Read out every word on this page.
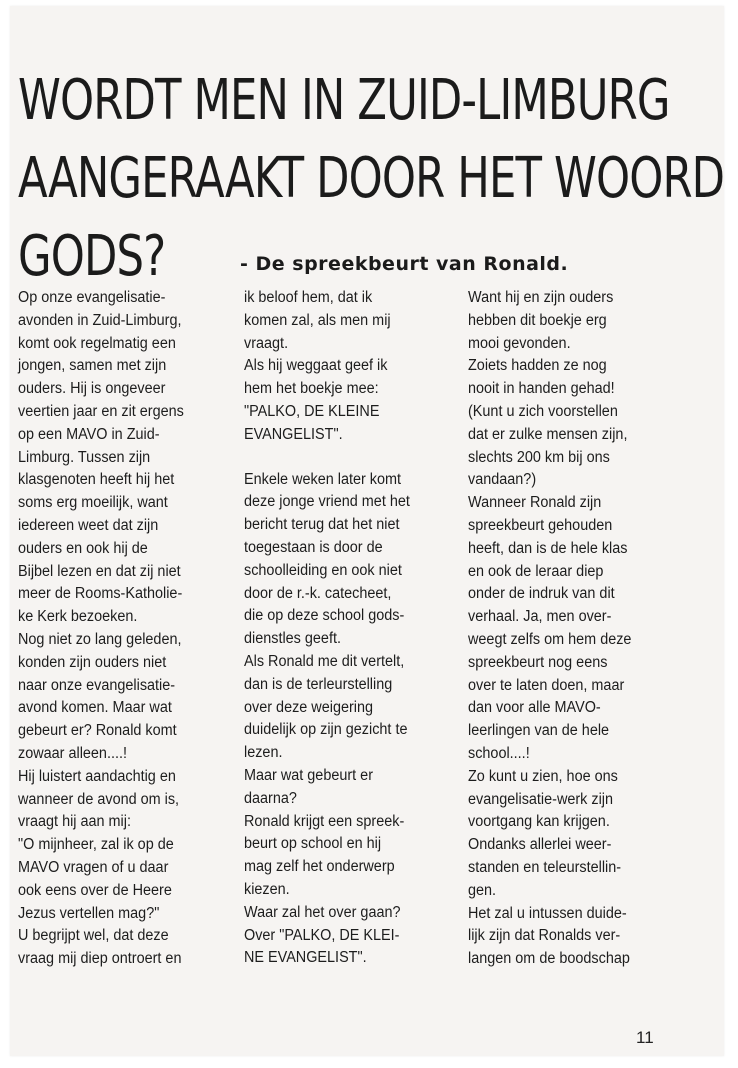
WORDT MEN IN ZUID-LIMBURG
AANGERAAKT DOOR HET WOORD
GODS?	- De spreekbeurt van Ronald.
Op onze evangelisatie-
avonden in Zuid-Limburg,
komt ook regelmatig een
jongen, samen met zijn
ouders. Hij is ongeveer
veertien jaar en zit ergens
op een MAVO in Zuid-
Limburg. Tussen zijn
klasgenoten heeft hij het
soms erg moeilijk, want
iedereen weet dat zijn
ouders en ook hij de
Bijbel lezen en dat zij niet
meer de Rooms-Katholie-
ke Kerk bezoeken.
Nog niet zo lang geleden,
konden zijn ouders niet
naar onze evangelisatie-
avond komen. Maar wat
gebeurt er? Ronald komt
zowaar alleen....!
Hij luistert aandachtig en
wanneer de avond om is,
vraagt hij aan mij:
"O mijnheer, zal ik op de
MAVO vragen of u daar
ook eens over de Heere
Jezus vertellen mag?"
U begrijpt wel, dat deze
vraag mij diep ontroert en
ik beloof hem, dat ik
komen zal, als men mij
vraagt.
Als hij weggaat geef ik
hem het boekje mee:
"PALKO, DE KLEINE
EVANGELIST".
Enkele weken later komt
deze jonge vriend met het
bericht terug dat het niet
toegestaan is door de
schoolleiding en ook niet
door de r.-k. catecheet,
die op deze school gods-
dienstles geeft.
Als Ronald me dit vertelt,
dan is de terleurstelling
over deze weigering
duidelijk op zijn gezicht te
lezen.
Maar wat gebeurt er
daarna?
Ronald krijgt een spreek-
beurt op school en hij
mag zelf het onderwerp
kiezen.
Waar zal het over gaan?
Over "PALKO, DE KLEI-
NE EVANGELIST".
Want hij en zijn ouders
hebben dit boekje erg
mooi gevonden.
Zoiets hadden ze nog
nooit in handen gehad!
(Kunt u zich voorstellen
dat er zulke mensen zijn,
slechts 200 km bij ons
vandaan?)
Wanneer Ronald zijn
spreekbeurt gehouden
heeft, dan is de hele klas
en ook de leraar diep
onder de indruk van dit
verhaal. Ja, men over-
weegt zelfs om hem deze
spreekbeurt nog eens
over te laten doen, maar
dan voor alle MAVO-
leerlingen van de hele
school....!
Zo kunt u zien, hoe ons
evangelisatie-werk zijn
voortgang kan krijgen.
Ondanks allerlei weer-
standen en teleurstellin-
gen.
Het zal u intussen duide-
lijk zijn dat Ronalds ver-
langen om de boodschap
11
